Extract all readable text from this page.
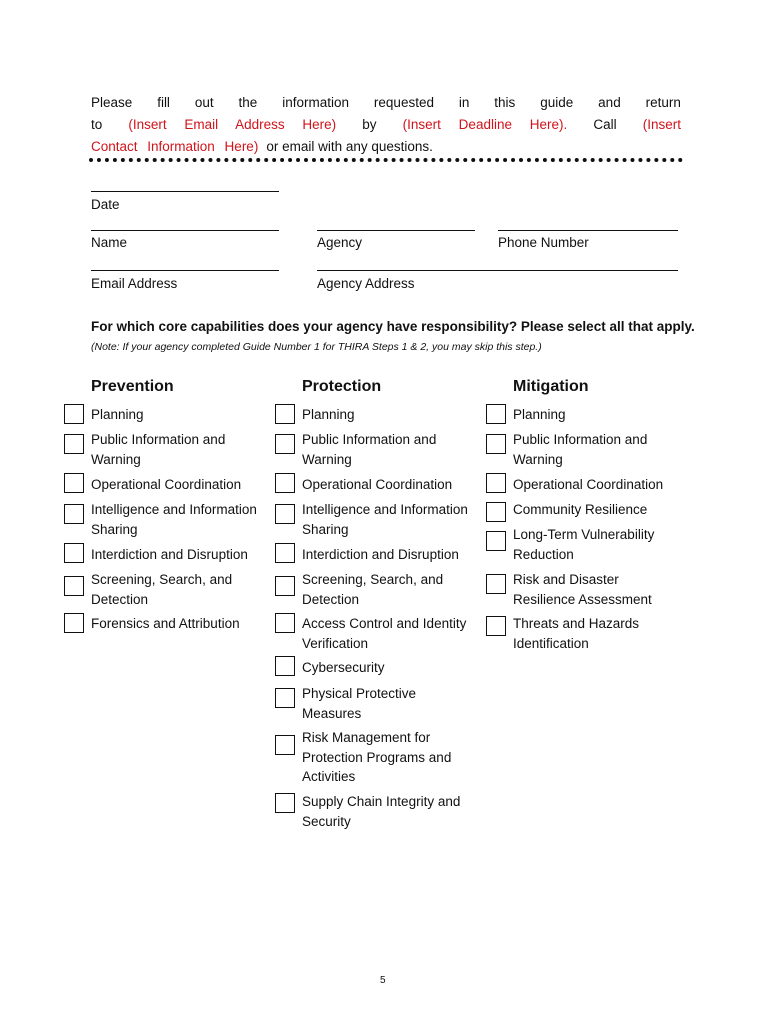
Please fill out the information requested in this guide and return
to (Insert Email Address Here) by (Insert Deadline Here). Call (Insert
Contact Information Here) or email with any questions.
Date
Name	Agency	Phone Number
Email Address	Agency Address
For which core capabilities does your agency have responsibility? Please select all that apply.
(Note: If your agency completed Guide Number 1 for THIRA Steps 1 & 2, you may skip this step.)
Prevention	Protection	Mitigation
Planning
Public Information and Warning
Operational Coordination
Intelligence and Information Sharing
Interdiction and Disruption
Screening, Search, and Detection
Forensics and Attribution
Planning
Public Information and Warning
Operational Coordination
Intelligence and Information Sharing
Interdiction and Disruption
Screening, Search, and Detection
Access Control and Identity Verification
Cybersecurity
Physical Protective Measures
Risk Management for Protection Programs and Activities
Supply Chain Integrity and Security
Planning
Public Information and Warning
Operational Coordination
Community Resilience
Long-Term Vulnerability Reduction
Risk and Disaster Resilience Assessment
Threats and Hazards Identification
5
